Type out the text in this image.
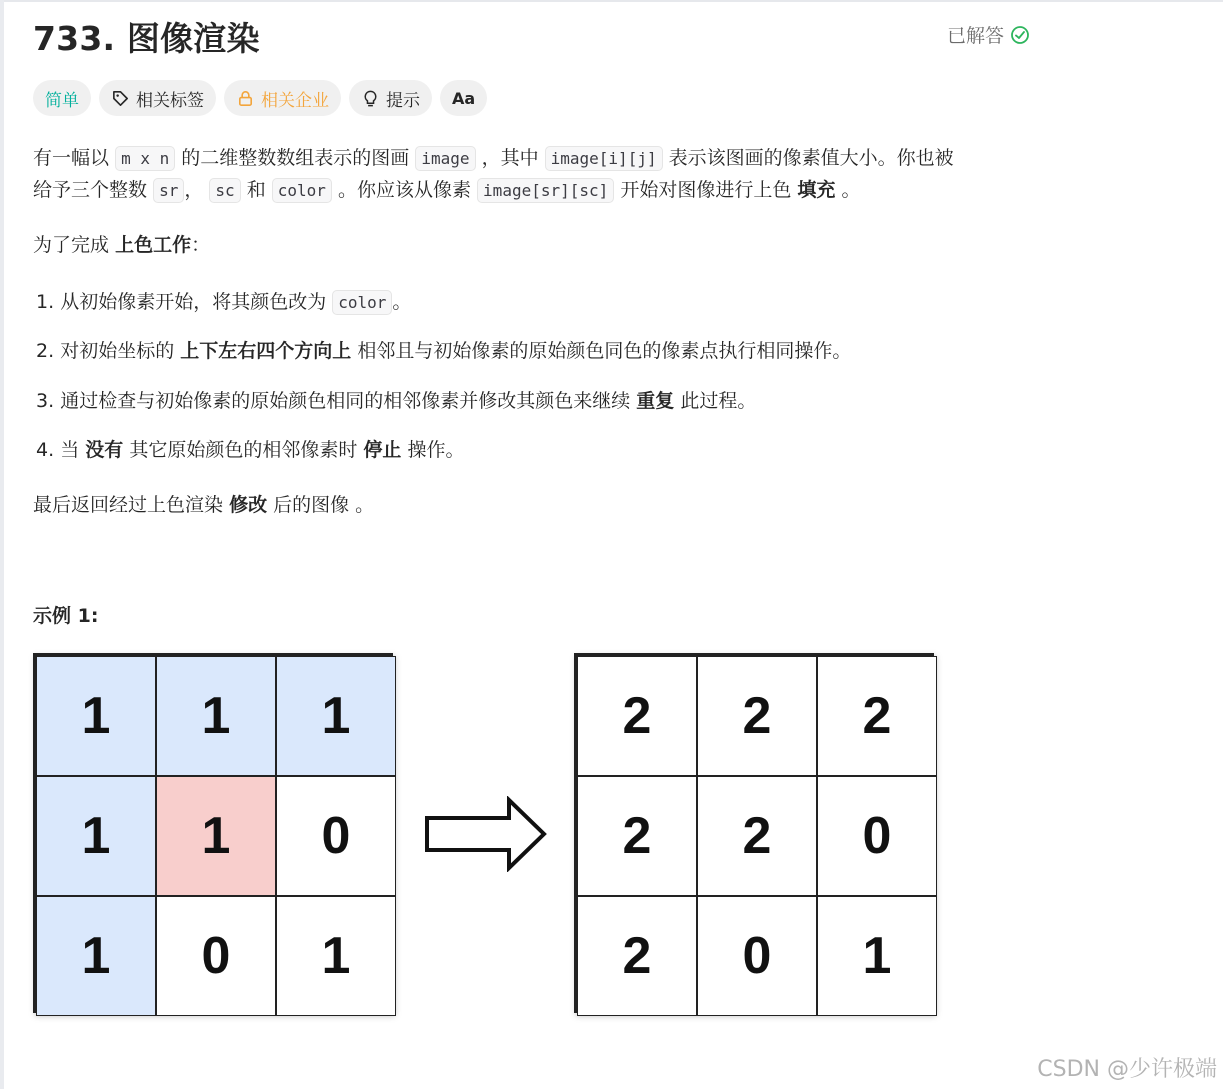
733. 图像渲染	已解答
简单	相关标签	相关企业	提示 Aa
有一幅以 m x n 的二维整数数组表示的图画 image ，其中 image[i][j] 表示该图画的像素值大小。你也被
给予三个整数 sr ， sc 和 color 。你应该从像素 image[sr][sc] 开始对图像进行上色 填充 。
为了完成 上色工作：
1. 从初始像素开始，将其颜色改为 color 。
2. 对初始坐标的 上下左右四个方向上 相邻且与初始像素的原始颜色同色的像素点执行相同操作。
3. 通过检查与初始像素的原始颜色相同的相邻像素并修改其颜色来继续 重复 此过程。
4. 当 没有 其它原始颜色的相邻像素时 停止 操作。
最后返回经过上色渲染 修改 后的图像 。
示例 1:
1	1	1
1	1	0
1	0	1
2	2	2
2	2	0
2	0	1
CSDN @少许极端
